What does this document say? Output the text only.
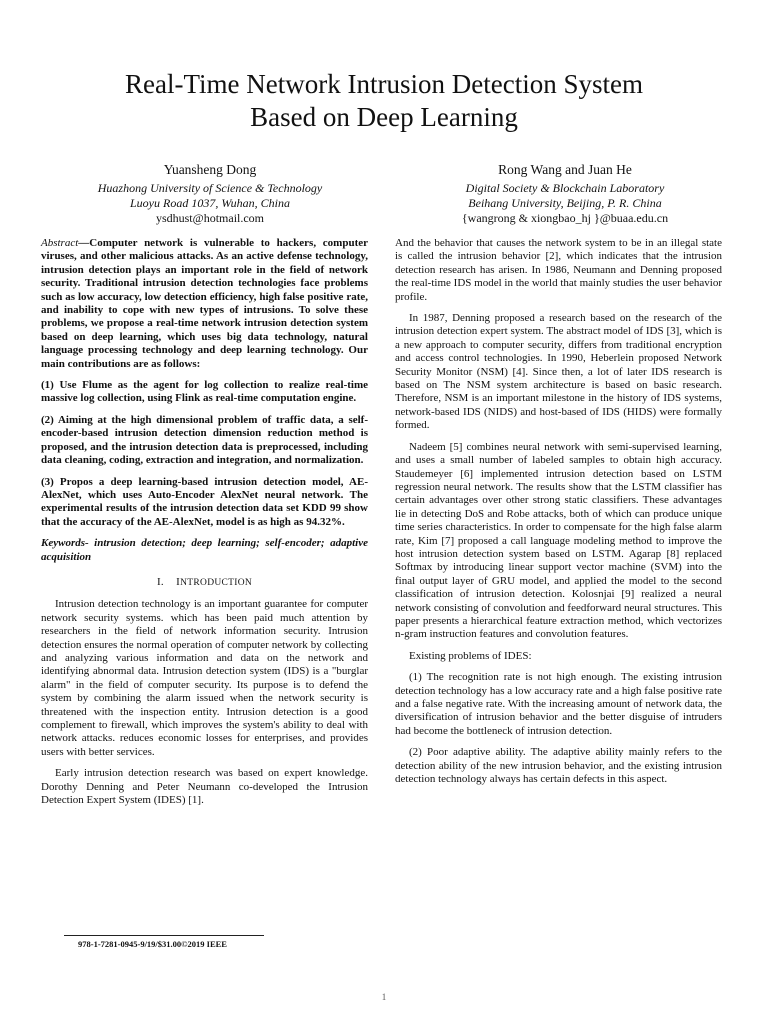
Real-Time Network Intrusion Detection System
Based on Deep Learning
Yuansheng Dong
Huazhong University of Science & Technology
Luoyu Road 1037, Wuhan, China
ysdhust@hotmail.com
Rong Wang and Juan He
Digital Society & Blockchain Laboratory
Beihang University, Beijing, P. R. China
{wangrong & xiongbao_hj }@buaa.edu.cn

Abstract—Computer network is vulnerable to hackers, computer viruses, and other malicious attacks. As an active defense technology, intrusion detection plays an important role in the field of network security. Traditional intrusion detection technologies face problems such as low accuracy, low detection efficiency, high false positive rate, and inability to cope with new types of intrusions. To solve these problems, we propose a real-time network intrusion detection system based on deep learning, which uses big data technology, natural language processing technology and deep learning technology. Our main contributions are as follows:

(1) Use Flume as the agent for log collection to realize real-time massive log collection, using Flink as real-time computation engine.

(2) Aiming at the high dimensional problem of traffic data, a self-encoder-based intrusion detection dimension reduction method is proposed, and the intrusion detection data is preprocessed, including data cleaning, coding, extraction and integration, and normalization.

(3) Propos a deep learning-based intrusion detection model, AE-AlexNet, which uses Auto-Encoder AlexNet neural network. The experimental results of the intrusion detection data set KDD 99 show that the accuracy of the AE-AlexNet, model is as high as 94.32%.

Keywords- intrusion detection; deep learning; self-encoder; adaptive acquisition

I. INTRODUCTION

Intrusion detection technology is an important guarantee for computer network security systems. which has been paid much attention by researchers in the field of network information security. Intrusion detection ensures the normal operation of computer network by collecting and analyzing various information and data on the network and identifying abnormal data. Intrusion detection system (IDS) is a "burglar alarm" in the field of computer security. Its purpose is to defend the system by combining the alarm issued when the network security is threatened with the inspection entity. Intrusion detection is a good complement to firewall, which improves the system's ability to deal with network attacks. reduces economic losses for enterprises, and provides users with better services.

Early intrusion detection research was based on expert knowledge. Dorothy Denning and Peter Neumann co-developed the Intrusion Detection Expert System (IDES) [1].

And the behavior that causes the network system to be in an illegal state is called the intrusion behavior [2], which indicates that the intrusion detection research has arisen. In 1986, Neumann and Denning proposed the real-time IDS model in the world that mainly studies the user behavior profile.

In 1987, Denning proposed a research based on the research of the intrusion detection expert system. The abstract model of IDS [3], which is a new approach to computer security, differs from traditional encryption and access control technologies. In 1990, Heberlein proposed Network Security Monitor (NSM) [4]. Since then, a lot of later IDS research is based on The NSM system architecture is based on basic research. Therefore, NSM is an important milestone in the history of IDS systems, network-based IDS (NIDS) and host-based of IDS (HIDS) were formally formed.

Nadeem [5] combines neural network with semi-supervised learning, and uses a small number of labeled samples to obtain high accuracy. Staudemeyer [6] implemented intrusion detection based on LSTM regression neural network. The results show that the LSTM classifier has certain advantages over other strong static classifiers. These advantages lie in detecting DoS and Robe attacks, both of which can produce unique time series characteristics. In order to compensate for the high false alarm rate, Kim [7] proposed a call language modeling method to improve the host intrusion detection system based on LSTM. Agarap [8] replaced Softmax by introducing linear support vector machine (SVM) into the final output layer of GRU model, and applied the model to the second classification of intrusion detection. Kolosnjai [9] realized a neural network consisting of convolution and feedforward neural structures. This paper presents a hierarchical feature extraction method, which vectorizes n-gram instruction features and convolution features.

Existing problems of IDES:

(1) The recognition rate is not high enough. The existing intrusion detection technology has a low accuracy rate and a high false positive rate and a false negative rate. With the increasing amount of network data, the diversification of intrusion behavior and the better disguise of intruders had become the bottleneck of intrusion detection.

(2) Poor adaptive ability. The adaptive ability mainly refers to the detection ability of the new intrusion behavior, and the existing intrusion detection technology always has certain defects in this aspect.

978-1-7281-0945-9/19/$31.00©2019 IEEE
1
